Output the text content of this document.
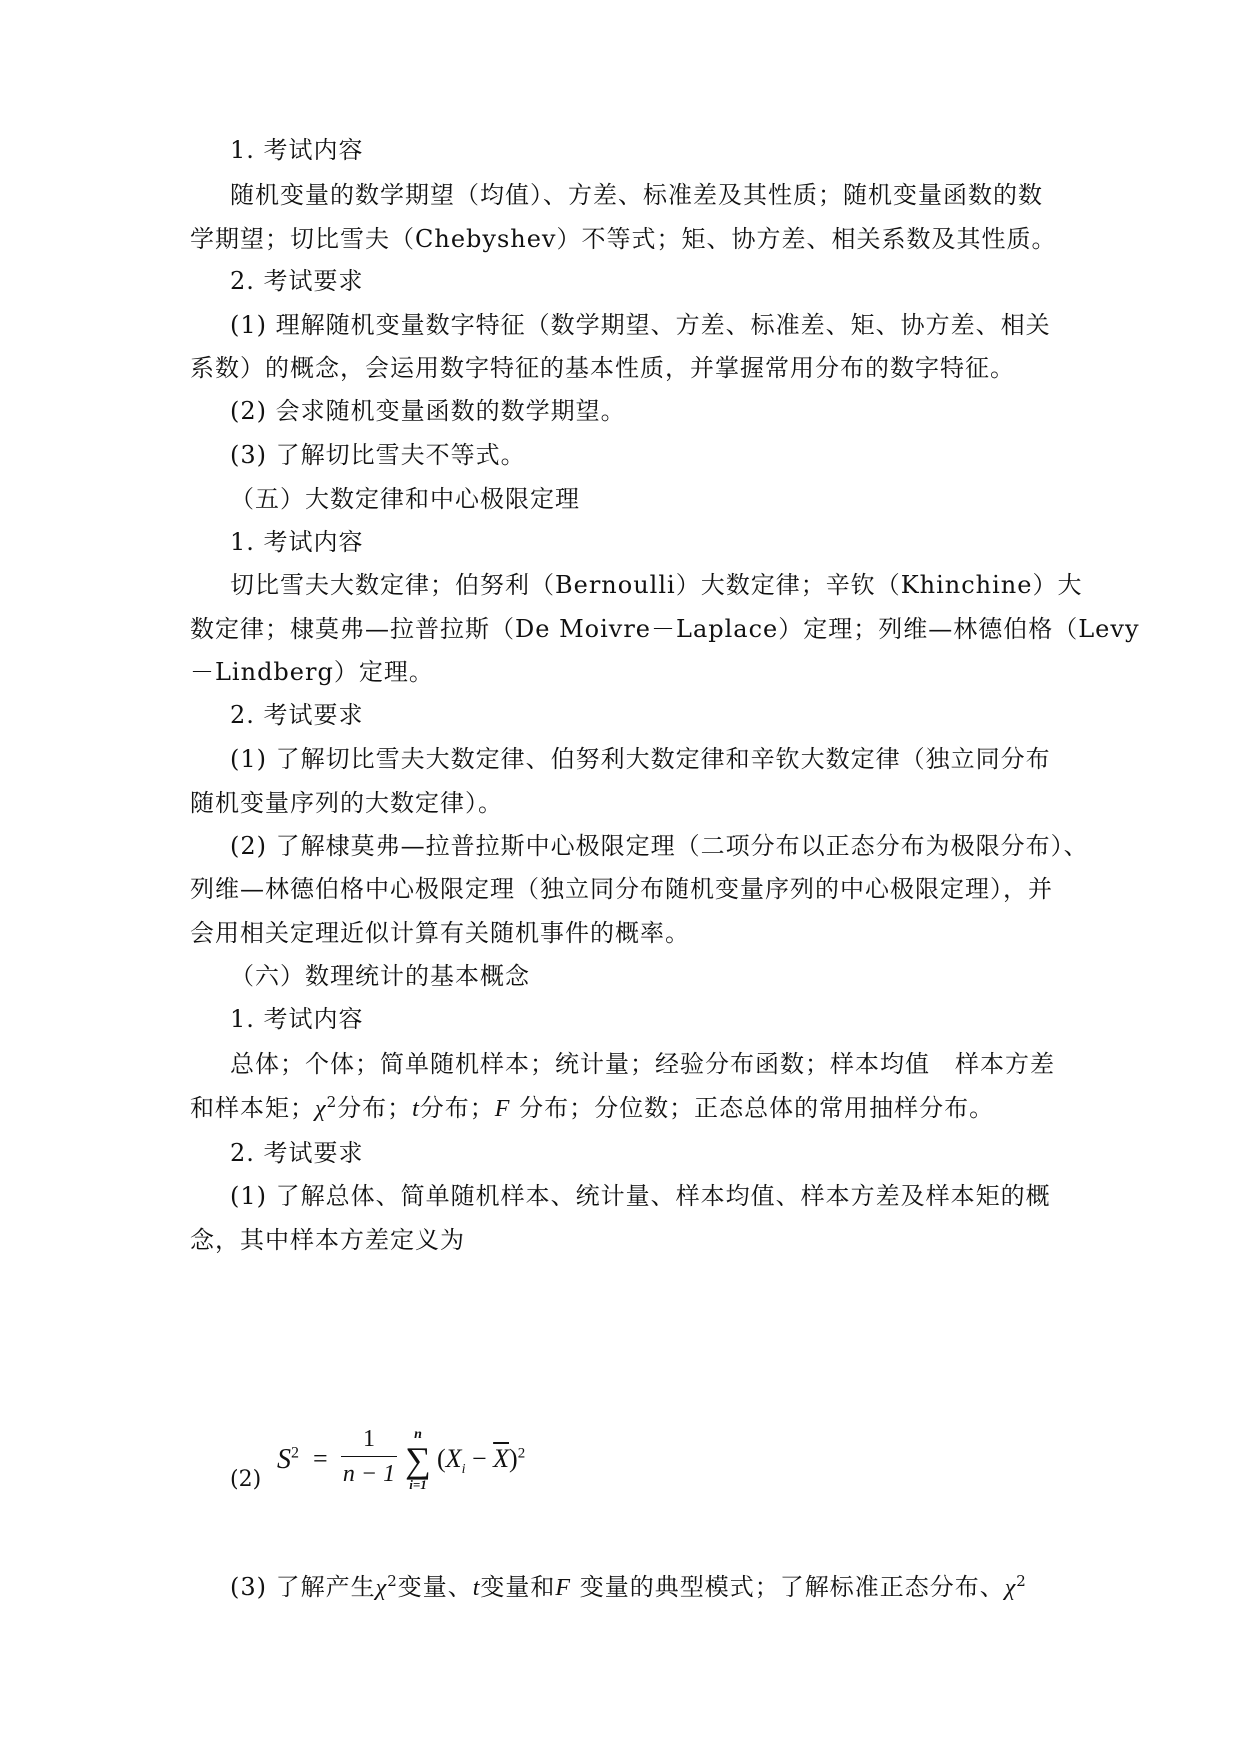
1. 考试内容
随机变量的数学期望（均值）、方差、标准差及其性质；随机变量函数的数
学期望；切比雪夫（Chebyshev）不等式；矩、协方差、相关系数及其性质。
2. 考试要求
(1) 理解随机变量数字特征（数学期望、方差、标准差、矩、协方差、相关
系数）的概念，会运用数字特征的基本性质，并掌握常用分布的数字特征。
(2) 会求随机变量函数的数学期望。
(3) 了解切比雪夫不等式。
（五）大数定律和中心极限定理
1. 考试内容
切比雪夫大数定律；伯努利（Bernoulli）大数定律；辛钦（Khinchine）大
数定律；棣莫弗—拉普拉斯（De Moivre－Laplace）定理；列维—林德伯格（Levy
－Lindberg）定理。
2. 考试要求
(1) 了解切比雪夫大数定律、伯努利大数定律和辛钦大数定律（独立同分布
随机变量序列的大数定律）。
(2) 了解棣莫弗—拉普拉斯中心极限定理（二项分布以正态分布为极限分布）、
列维—林德伯格中心极限定理（独立同分布随机变量序列的中心极限定理），并
会用相关定理近似计算有关随机事件的概率。
（六）数理统计的基本概念
1. 考试内容
总体；个体；简单随机样本；统计量；经验分布函数；样本均值　样本方差
和样本矩；$\chi^2$分布；t分布；F 分布；分位数；正态总体的常用抽样分布。
2. 考试要求
(1) 了解总体、简单随机样本、统计量、样本均值、样本方差及样本矩的概
念，其中样本方差定义为
(2)
$S^2$ =
1
n − 1
n
∑
i=1
$(X_i - \overline{X})^2$
(3) 了解产生$\chi^2$变量、t变量和F 变量的典型模式；了解标准正态分布、$\chi^2$
